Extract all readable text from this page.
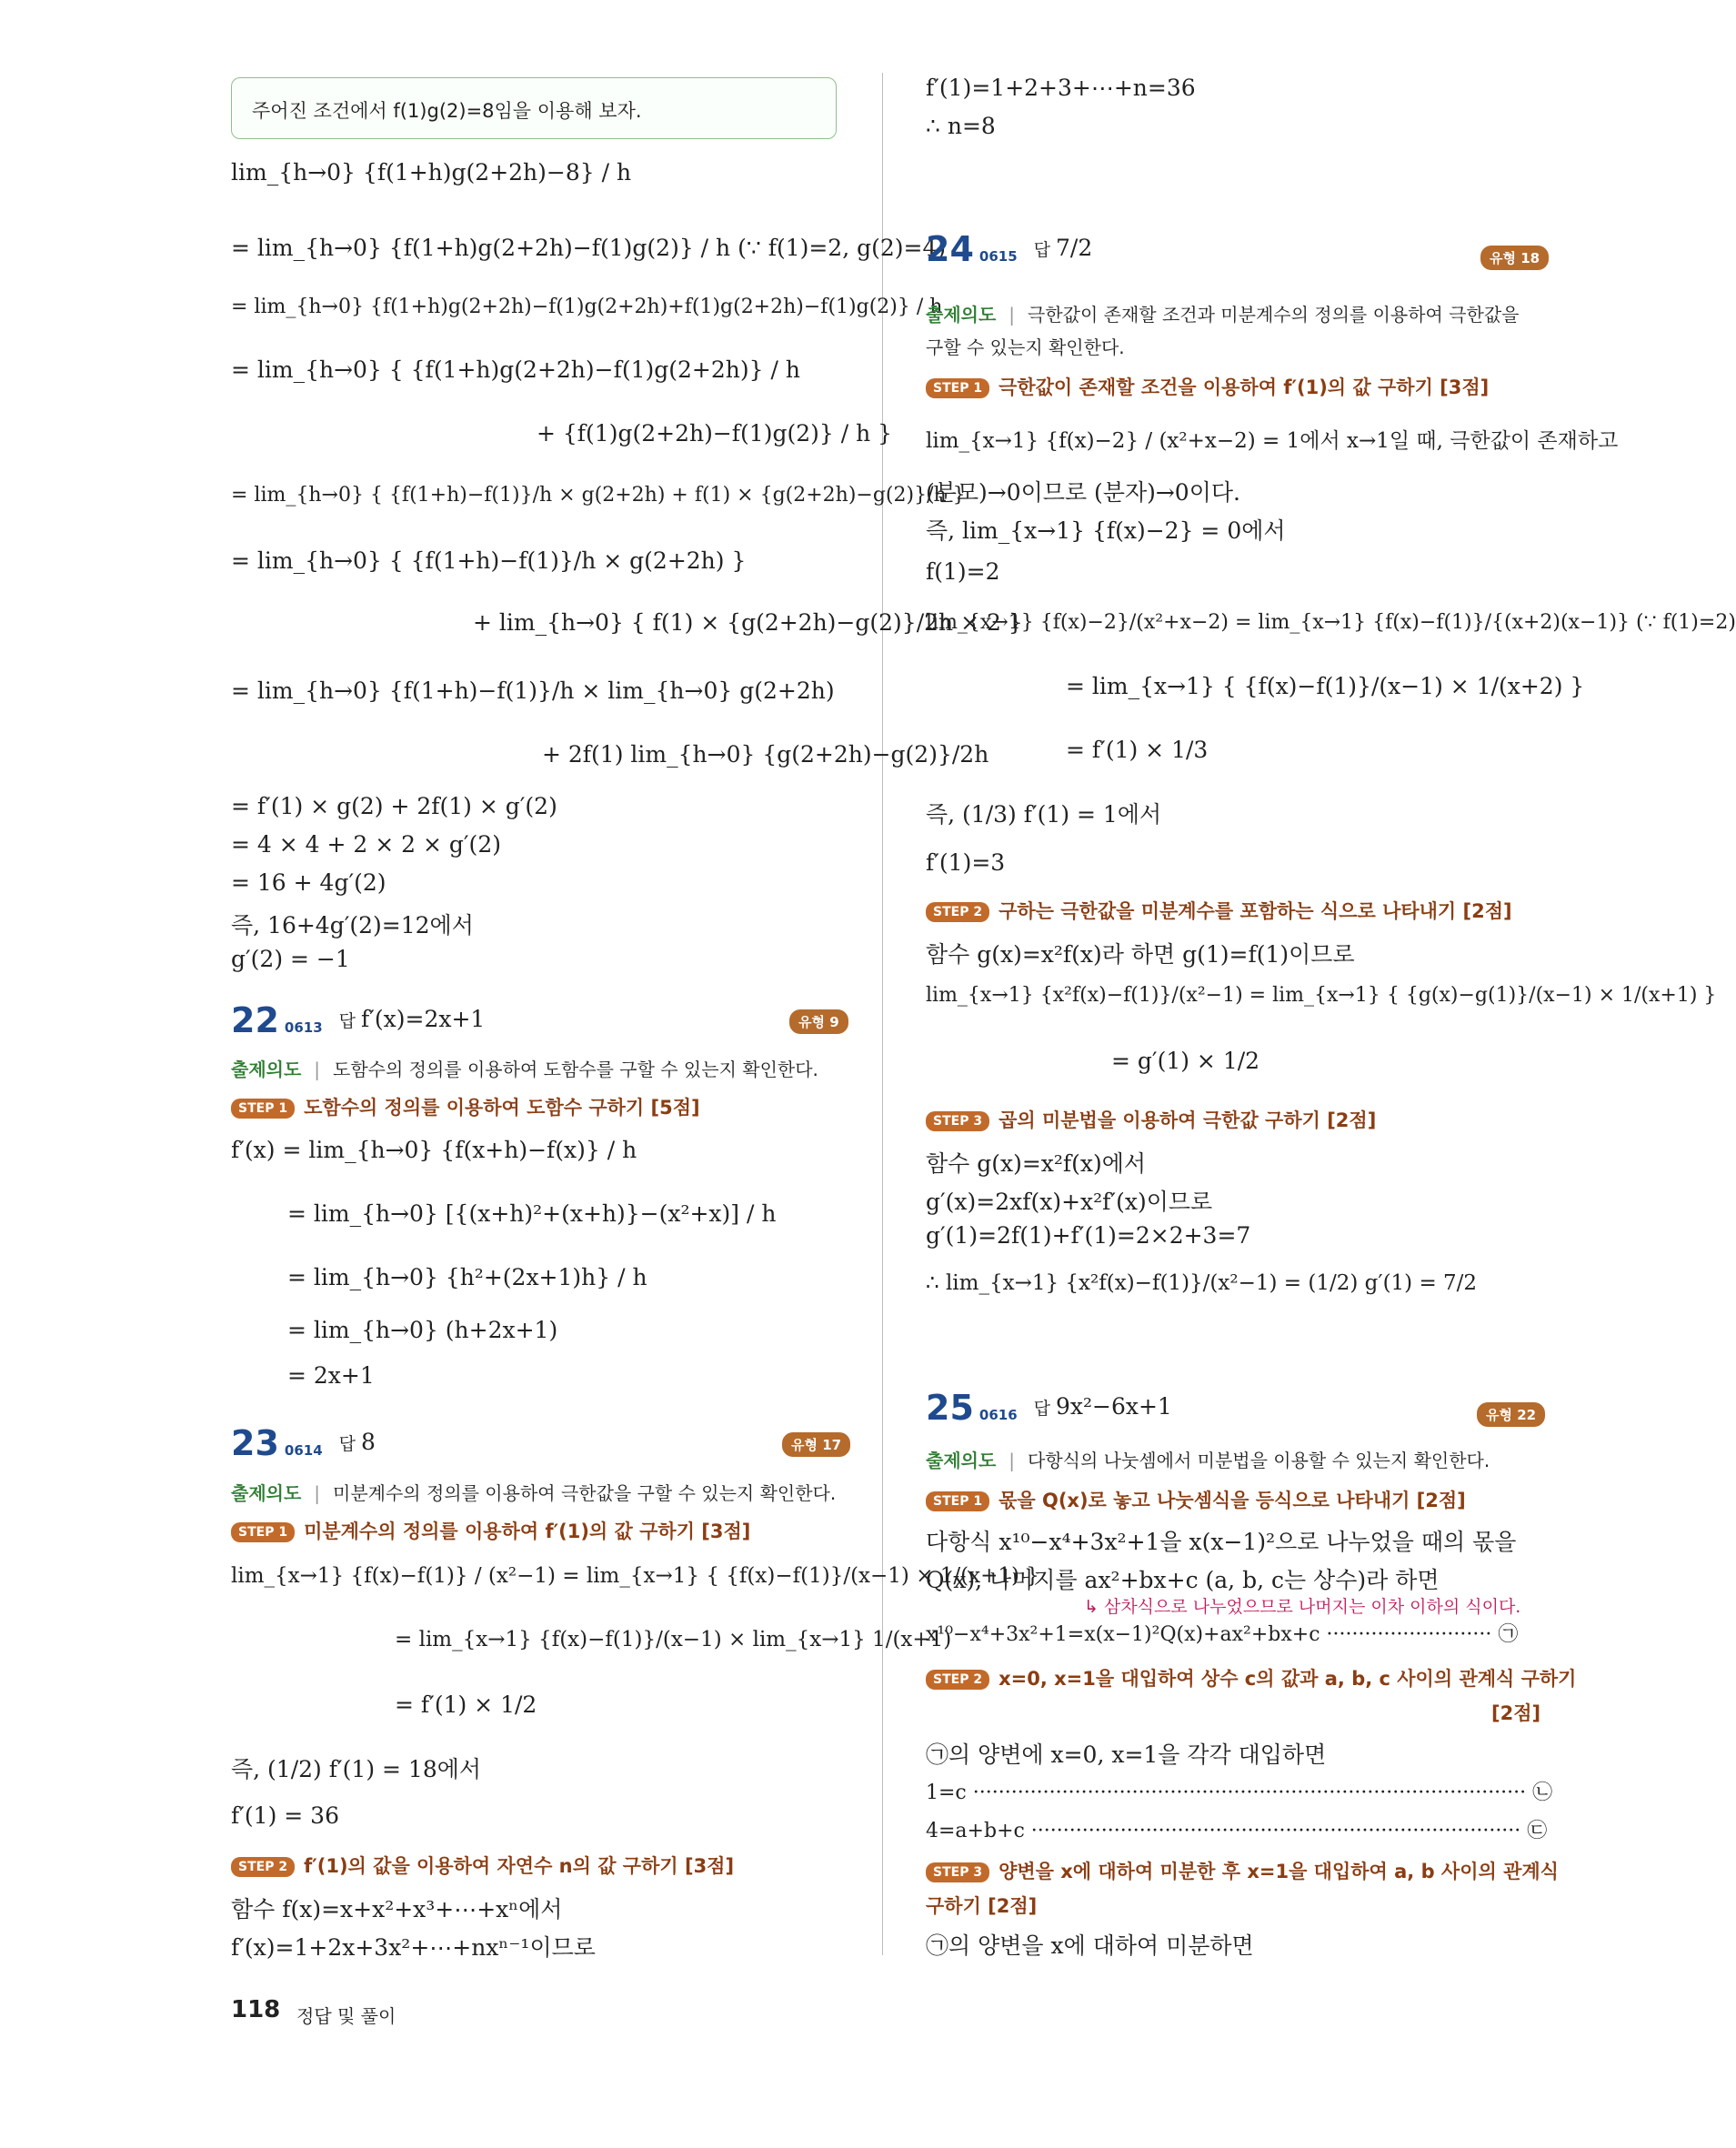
주어진 조건에서 f(1)g(2)=8임을 이용해 보자.
lim_{h→0} {f(1+h)g(2+2h)−8} / h
= lim_{h→0} {f(1+h)g(2+2h)−f(1)g(2)} / h (∵ f(1)=2, g(2)=4)
= lim_{h→0} {f(1+h)g(2+2h)−f(1)g(2+2h)+f(1)g(2+2h)−f(1)g(2)} / h
= lim_{h→0} { {f(1+h)g(2+2h)−f(1)g(2+2h)} / h
+ {f(1)g(2+2h)−f(1)g(2)} / h }
= lim_{h→0} { {f(1+h)−f(1)}/h × g(2+2h) + f(1) × {g(2+2h)−g(2)}/h }
= lim_{h→0} { {f(1+h)−f(1)}/h × g(2+2h) }
+ lim_{h→0} { f(1) × {g(2+2h)−g(2)}/2h × 2 }
= lim_{h→0} {f(1+h)−f(1)}/h × lim_{h→0} g(2+2h)
+ 2f(1) lim_{h→0} {g(2+2h)−g(2)}/2h
= f′(1) × g(2) + 2f(1) × g′(2)
= 4 × 4 + 2 × 2 × g′(2)
= 16 + 4g′(2)
즉, 16+4g′(2)=12에서
g′(2) = −1
22 0613 답 f′(x)=2x+1	유형 9
출제의도 | 도함수의 정의를 이용하여 도함수를 구할 수 있는지 확인한다.
STEP 1 도함수의 정의를 이용하여 도함수 구하기 [5점]
f′(x) = lim_{h→0} {f(x+h)−f(x)} / h
= lim_{h→0} [{(x+h)²+(x+h)}−(x²+x)] / h
= lim_{h→0} {h²+(2x+1)h} / h
= lim_{h→0} (h+2x+1)
= 2x+1
23 0614 답 8	유형 17
출제의도 | 미분계수의 정의를 이용하여 극한값을 구할 수 있는지 확인한다.
STEP 1 미분계수의 정의를 이용하여 f′(1)의 값 구하기 [3점]
lim_{x→1} {f(x)−f(1)} / (x²−1) = lim_{x→1} { {f(x)−f(1)}/(x−1) × 1/(x+1) }
= lim_{x→1} {f(x)−f(1)}/(x−1) × lim_{x→1} 1/(x+1)
= f′(1) × 1/2
즉, (1/2) f′(1) = 18에서
f′(1) = 36
STEP 2 f′(1)의 값을 이용하여 자연수 n의 값 구하기 [3점]
함수 f(x)=x+x²+x³+⋯+xⁿ에서
f′(x)=1+2x+3x²+⋯+nxⁿ⁻¹이므로
f′(1)=1+2+3+⋯+n=36
∴ n=8
24 0615 답 7/2	유형 18
출제의도 | 극한값이 존재할 조건과 미분계수의 정의를 이용하여 극한값을
구할 수 있는지 확인한다.
STEP 1 극한값이 존재할 조건을 이용하여 f′(1)의 값 구하기 [3점]
lim_{x→1} {f(x)−2} / (x²+x−2) = 1에서 x→1일 때, 극한값이 존재하고
(분모)→0이므로 (분자)→0이다.
즉, lim_{x→1} {f(x)−2} = 0에서
f(1)=2
lim_{x→1} {f(x)−2}/(x²+x−2) = lim_{x→1} {f(x)−f(1)}/{(x+2)(x−1)} (∵ f(1)=2)
= lim_{x→1} { {f(x)−f(1)}/(x−1) × 1/(x+2) }
= f′(1) × 1/3
즉, (1/3) f′(1) = 1에서
f′(1)=3
STEP 2 구하는 극한값을 미분계수를 포함하는 식으로 나타내기 [2점]
함수 g(x)=x²f(x)라 하면 g(1)=f(1)이므로
lim_{x→1} {x²f(x)−f(1)}/(x²−1) = lim_{x→1} { {g(x)−g(1)}/(x−1) × 1/(x+1) }
= g′(1) × 1/2
STEP 3 곱의 미분법을 이용하여 극한값 구하기 [2점]
함수 g(x)=x²f(x)에서
g′(x)=2xf(x)+x²f′(x)이므로
g′(1)=2f(1)+f′(1)=2×2+3=7
∴ lim_{x→1} {x²f(x)−f(1)}/(x²−1) = (1/2) g′(1) = 7/2
25 0616 답 9x²−6x+1	유형 22
출제의도 | 다항식의 나눗셈에서 미분법을 이용할 수 있는지 확인한다.
STEP 1 몫을 Q(x)로 놓고 나눗셈식을 등식으로 나타내기 [2점]
다항식 x¹⁰−x⁴+3x²+1을 x(x−1)²으로 나누었을 때의 몫을
Q(x), 나머지를 ax²+bx+c (a, b, c는 상수)라 하면
↳ 삼차식으로 나누었으므로 나머지는 이차 이하의 식이다.
x¹⁰−x⁴+3x²+1=x(x−1)²Q(x)+ax²+bx+c ·························· ㉠
STEP 2 x=0, x=1을 대입하여 상수 c의 값과 a, b, c 사이의 관계식 구하기
[2점]
㉠의 양변에 x=0, x=1을 각각 대입하면
1=c ······················································································· ㉡
4=a+b+c ············································································· ㉢
STEP 3 양변을 x에 대하여 미분한 후 x=1을 대입하여 a, b 사이의 관계식
구하기 [2점]
㉠의 양변을 x에 대하여 미분하면
118 정답 및 풀이
